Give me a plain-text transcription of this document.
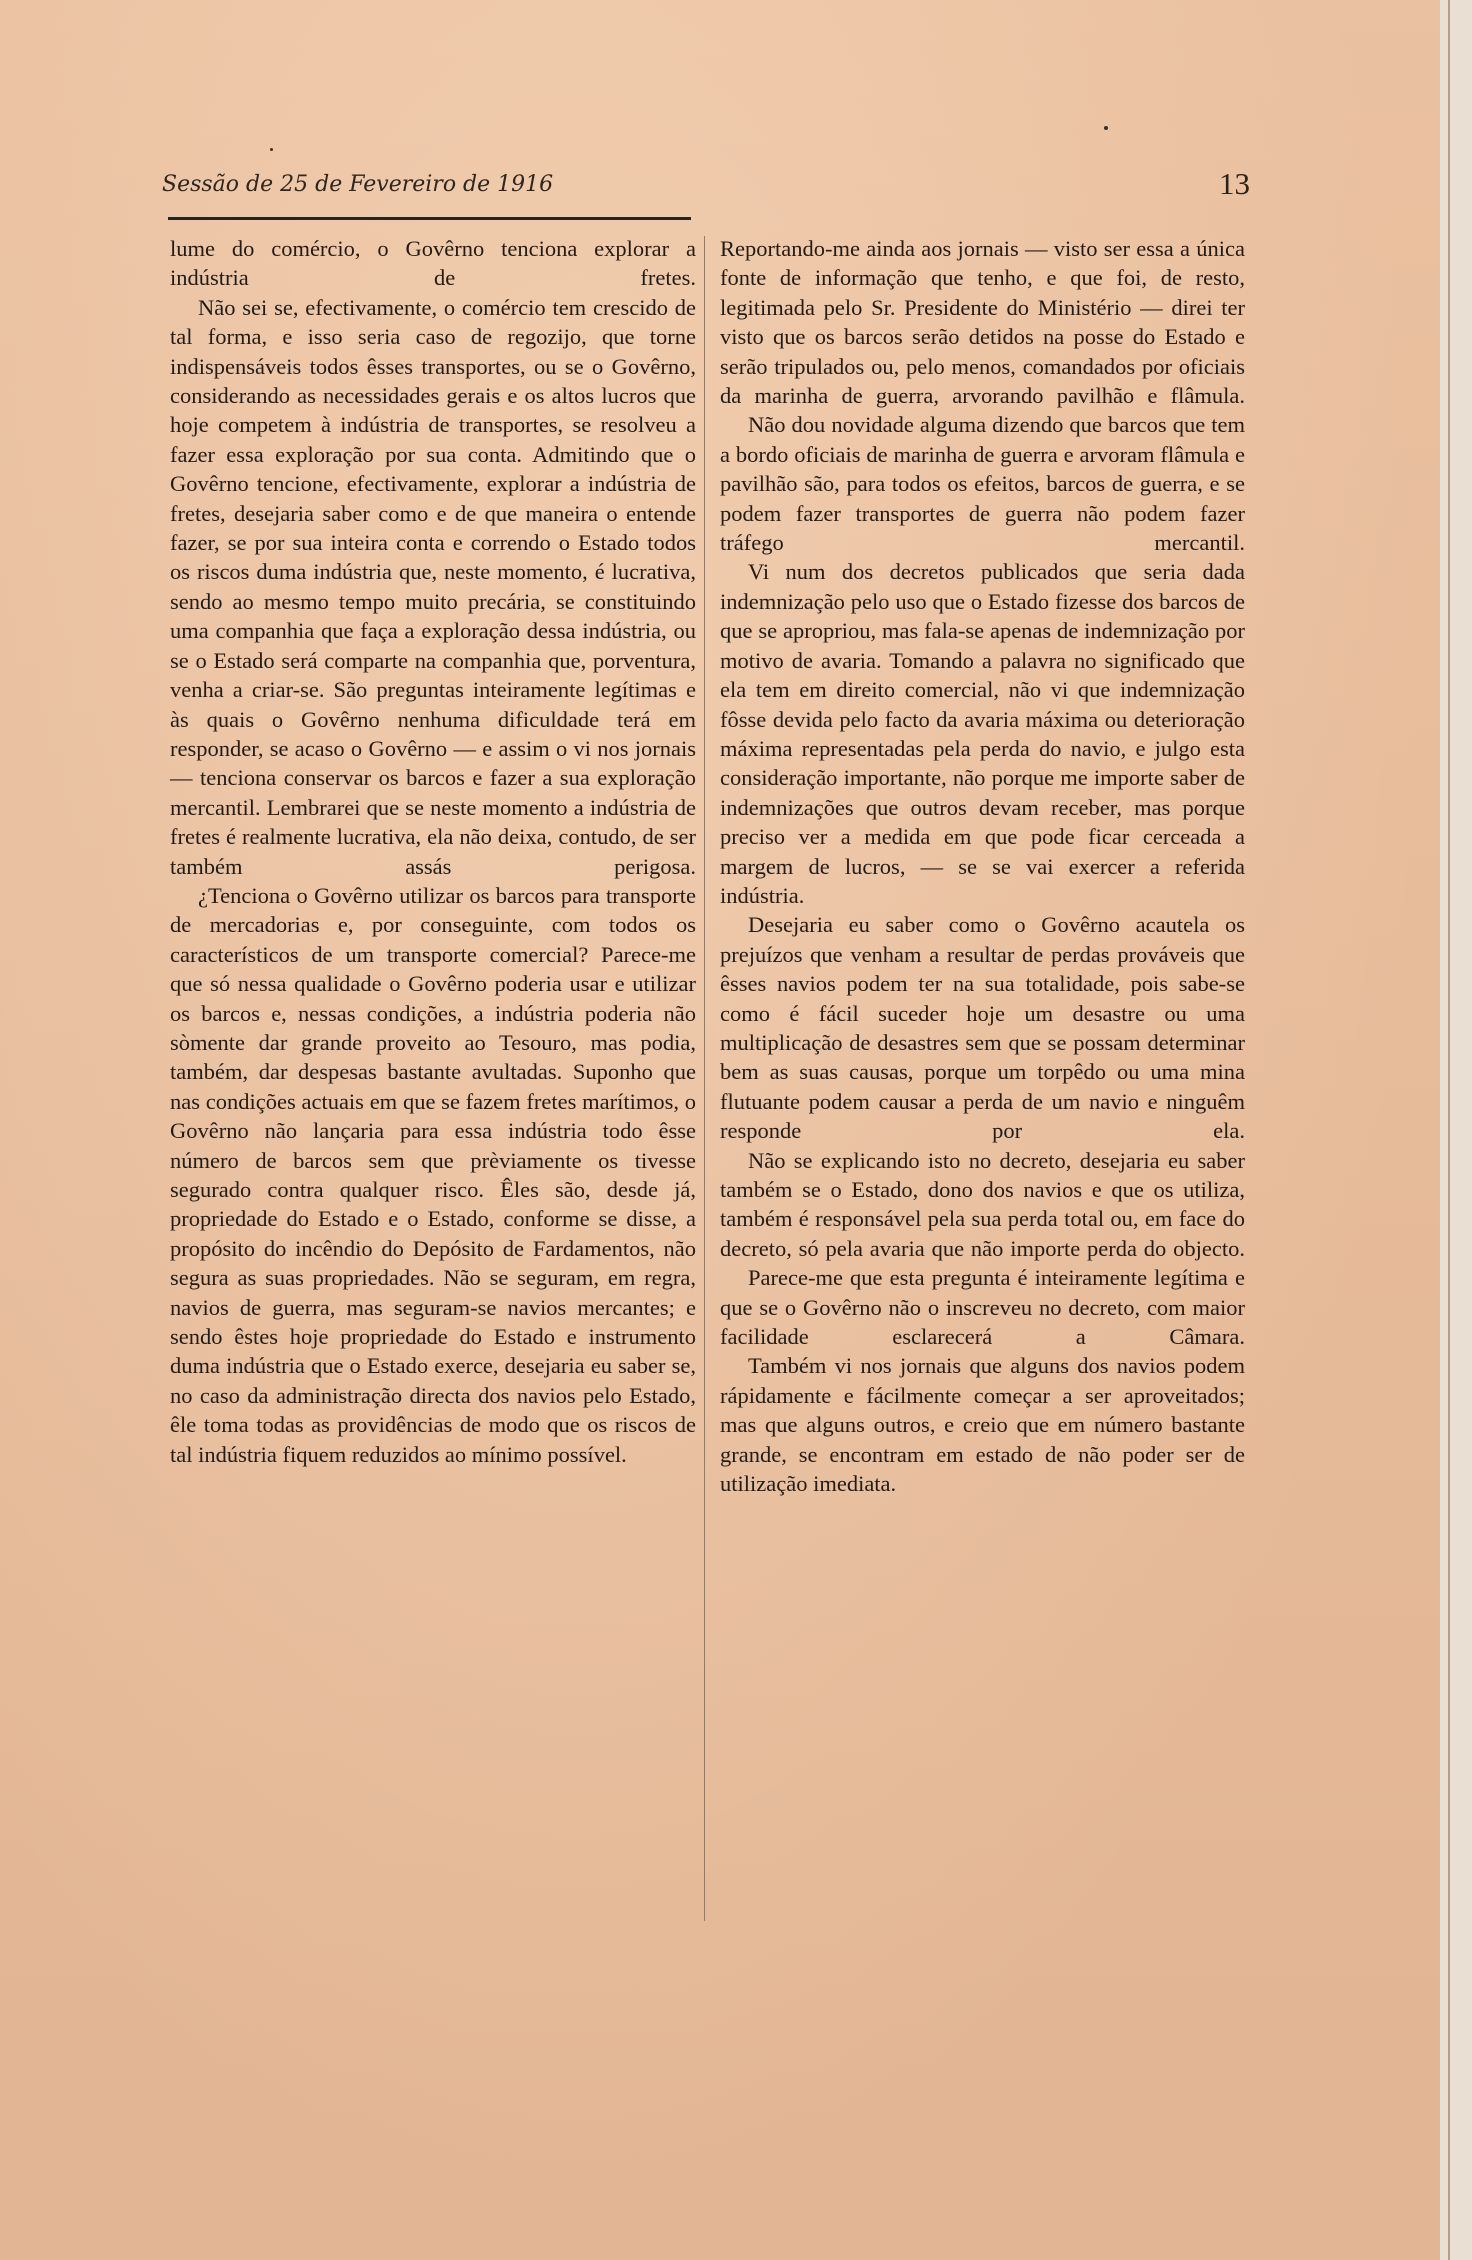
Sessão de 25 de Fevereiro de 1916	13

lume do comércio, o Govêrno tenciona explorar a indústria de fretes.

Não sei se, efectivamente, o comércio tem crescido de tal forma, e isso seria caso de regozijo, que torne indispensáveis todos êsses transportes, ou se o Govêrno, considerando as necessidades gerais e os altos lucros que hoje competem à indústria de transportes, se resolveu a fazer essa exploração por sua conta. Admitindo que o Govêrno tencione, efectivamente, explorar a indústria de fretes, desejaria saber como e de que maneira o entende fazer, se por sua inteira conta e correndo o Estado todos os riscos duma indústria que, neste momento, é lucrativa, sendo ao mesmo tempo muito precária, se constituindo uma companhia que faça a exploração dessa indústria, ou se o Estado será comparte na companhia que, porventura, venha a criar-se. São preguntas inteiramente legítimas e às quais o Govêrno nenhuma dificuldade terá em responder, se acaso o Govêrno — e assim o vi nos jornais — tenciona conservar os barcos e fazer a sua exploração mercantil. Lembrarei que se neste momento a indústria de fretes é realmente lucrativa, ela não deixa, contudo, de ser também assás perigosa.

¿Tenciona o Govêrno utilizar os barcos para transporte de mercadorias e, por conseguinte, com todos os característicos de um transporte comercial? Parece-me que só nessa qualidade o Govêrno poderia usar e utilizar os barcos e, nessas condições, a indústria poderia não sòmente dar grande proveito ao Tesouro, mas podia, também, dar despesas bastante avultadas. Suponho que nas condições actuais em que se fazem fretes marítimos, o Govêrno não lançaria para essa indústria todo êsse número de barcos sem que prèviamente os tivesse segurado contra qualquer risco. Êles são, desde já, propriedade do Estado e o Estado, conforme se disse, a propósito do incêndio do Depósito de Fardamentos, não segura as suas propriedades. Não se seguram, em regra, navios de guerra, mas seguram-se navios mercantes; e sendo êstes hoje propriedade do Estado e instrumento duma indústria que o Estado exerce, desejaria eu saber se, no caso da administração directa dos navios pelo Estado, êle toma todas as providências de modo que os riscos de tal indústria fiquem reduzidos ao mínimo possível.

Reportando-me ainda aos jornais — visto ser essa a única fonte de informação que tenho, e que foi, de resto, legitimada pelo Sr. Presidente do Ministério — direi ter visto que os barcos serão detidos na posse do Estado e serão tripulados ou, pelo menos, comandados por oficiais da marinha de guerra, arvorando pavilhão e flâmula.

Não dou novidade alguma dizendo que barcos que tem a bordo oficiais de marinha de guerra e arvoram flâmula e pavilhão são, para todos os efeitos, barcos de guerra, e se podem fazer transportes de guerra não podem fazer tráfego mercantil.

Vi num dos decretos publicados que seria dada indemnização pelo uso que o Estado fizesse dos barcos de que se apropriou, mas fala-se apenas de indemnização por motivo de avaria. Tomando a palavra no significado que ela tem em direito comercial, não vi que indemnização fôsse devida pelo facto da avaria máxima ou deterioração máxima representadas pela perda do navio, e julgo esta consideração importante, não porque me importe saber de indemnizações que outros devam receber, mas porque preciso ver a medida em que pode ficar cerceada a margem de lucros, — se se vai exercer a referida indústria.

Desejaria eu saber como o Govêrno acautela os prejuízos que venham a resultar de perdas prováveis que êsses navios podem ter na sua totalidade, pois sabe-se como é fácil suceder hoje um desastre ou uma multiplicação de desastres sem que se possam determinar bem as suas causas, porque um torpêdo ou uma mina flutuante podem causar a perda de um navio e ninguêm responde por ela.

Não se explicando isto no decreto, desejaria eu saber também se o Estado, dono dos navios e que os utiliza, também é responsável pela sua perda total ou, em face do decreto, só pela avaria que não importe perda do objecto.

Parece-me que esta pregunta é inteiramente legítima e que se o Govêrno não o inscreveu no decreto, com maior facilidade esclarecerá a Câmara.

Também vi nos jornais que alguns dos navios podem rápidamente e fácilmente começar a ser aproveitados; mas que alguns outros, e creio que em número bastante grande, se encontram em estado de não poder ser de utilização imediata.
